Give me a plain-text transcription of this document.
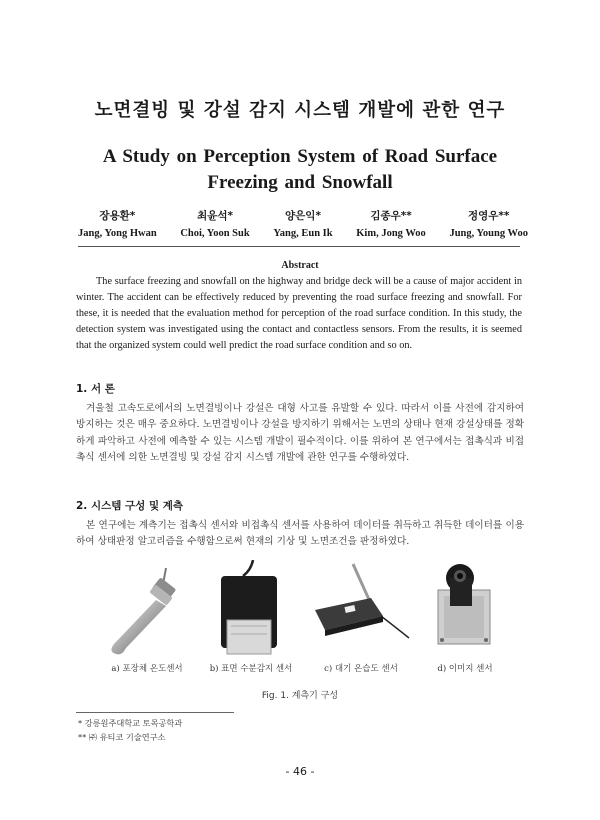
노면결빙 및 강설 감지 시스템 개발에 관한 연구
A Study on Perception System of Road Surface
Freezing and Snowfall
장용환*
Jang, Yong Hwan
최윤석*
Choi, Yoon Suk
양은익*
Yang, Eun Ik
김종우**
Kim, Jong Woo
정영우**
Jung, Young Woo
Abstract
The surface freezing and snowfall on the highway and bridge deck will be a cause of major accident in winter. The accident can be effectively reduced by preventing the road surface freezing and snowfall. For these, it is needed that the evaluation method for perception of the road surface condition. In this study, the detection system was investigated using the contact and contactless sensors. From the results, it is seemed that the organized system could well predict the road surface condition and so on.
1. 서 론
겨울철 고속도로에서의 노면결빙이나 강설은 대형 사고를 유발할 수 있다. 따라서 이를 사전에 감지하여 방지하는 것은 매우 중요하다. 노면결빙이나 강설을 방지하기 위해서는 노면의 상태나 현재 강설상태를 정확하게 파악하고 사전에 예측할 수 있는 시스템 개발이 필수적이다. 이를 위하여 본 연구에서는 접촉식과 비접촉식 센서에 의한 노면결빙 및 강설 감지 시스템 개발에 관한 연구를 수행하였다.
2. 시스템 구성 및 계측
본 연구에는 계측기는 접촉식 센서와 비접촉식 센서를 사용하여 데이터를 취득하고 취득한 데이터를 이용하여 상태판정 알고리즘을 수행함으로써 현재의 기상 및 노면조건을 판정하였다.
a) 포장체 온도센서	b) 표면 수분감지 센서	c) 대기 온습도 센서	d) 이미지 센서
Fig. 1. 계측기 구성
* 강릉원주대학교 토목공학과
** ㈜ 유티코 기술연구소
- 46 -
